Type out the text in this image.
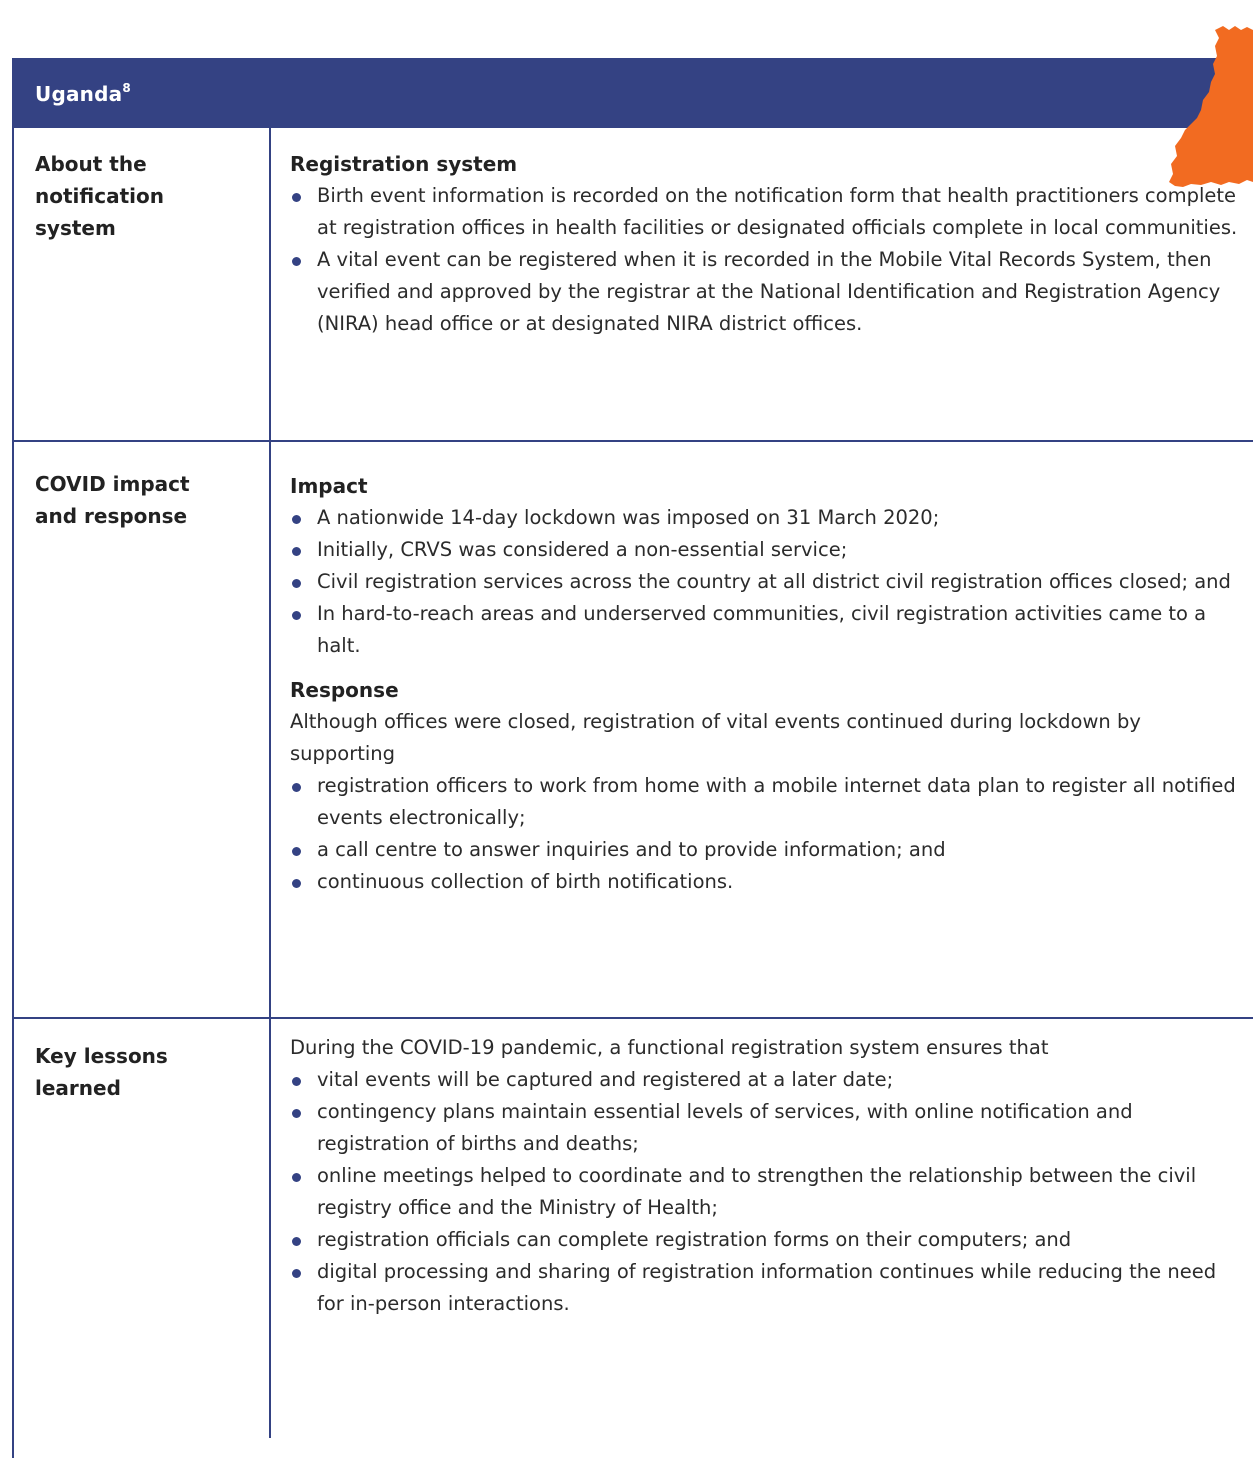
Uganda$^8$
About the notification system
Registration system
Birth event information is recorded on the notification form that health practitioners complete at registration offices in health facilities or designated officials complete in local communities.
A vital event can be registered when it is recorded in the Mobile Vital Records System, then verified and approved by the registrar at the National Identification and Registration Agency (NIRA) head office or at designated NIRA district offices.
COVID impact and response
Impact
A nationwide 14-day lockdown was imposed on 31 March 2020;
Initially, CRVS was considered a non-essential service;
Civil registration services across the country at all district civil registration offices closed; and
In hard-to-reach areas and underserved communities, civil registration activities came to a halt.
Response

Although offices were closed, registration of vital events continued during lockdown by supporting

registration officers to work from home with a mobile internet data plan to register all notified events electronically;
a call centre to answer inquiries and to provide information; and
continuous collection of birth notifications.
Key lessons learned

During the COVID-19 pandemic, a functional registration system ensures that

vital events will be captured and registered at a later date;
contingency plans maintain essential levels of services, with online notification and registration of births and deaths;
online meetings helped to coordinate and to strengthen the relationship between the civil registry office and the Ministry of Health;
registration officials can complete registration forms on their computers; and
digital processing and sharing of registration information continues while reducing the need for in-person interactions.
